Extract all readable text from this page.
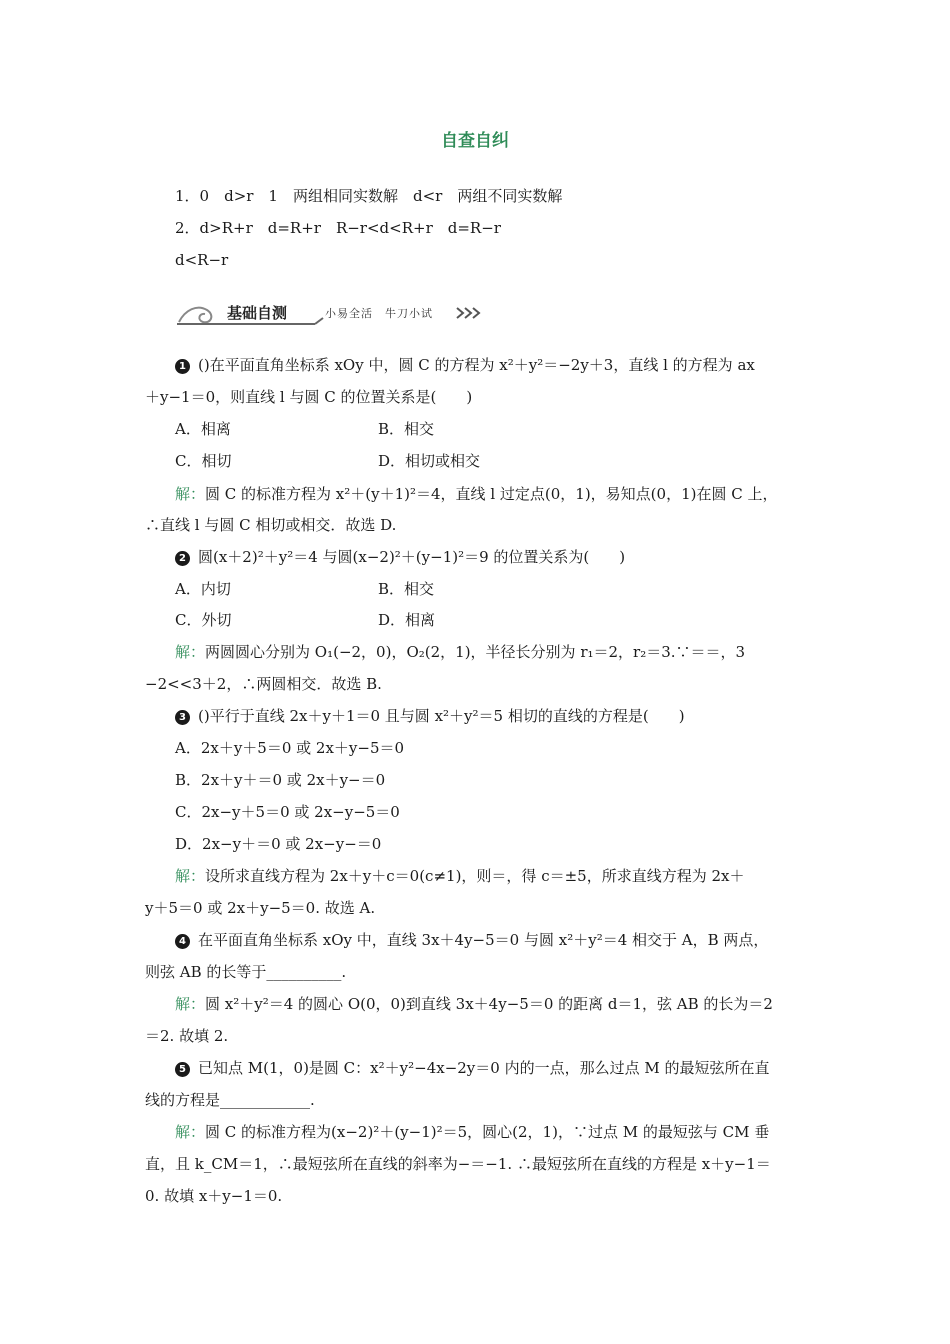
自查自纠
1．0　d>r　1　两组相同实数解　d<r　两组不同实数解
2．d>R+r　d=R+r　R−r<d<R+r　d=R−r
d<R−r
基础自测	小易全活　牛刀小试
1 ()在平面直角坐标系 xOy 中，圆 C 的方程为 x²＋y²＝−2y＋3，直线 l 的方程为 ax
＋y−1＝0，则直线 l 与圆 C 的位置关系是(　　)
A．相离	B．相交
C．相切	D．相切或相交
解：圆 C 的标准方程为 x²＋(y＋1)²＝4，直线 l 过定点(0，1)，易知点(0，1)在圆 C 上，
∴直线 l 与圆 C 相切或相交．故选 D.
2 圆(x＋2)²＋y²＝4 与圆(x−2)²＋(y−1)²＝9 的位置关系为(　　)
A．内切	B．相交
C．外切	D．相离
解：两圆圆心分别为 O₁(−2，0)，O₂(2，1)，半径长分别为 r₁＝2，r₂＝3.∵＝＝，3
−2<<3＋2，∴两圆相交．故选 B.
3 ()平行于直线 2x＋y＋1＝0 且与圆 x²＋y²＝5 相切的直线的方程是(　　)
A．2x＋y＋5＝0 或 2x＋y−5＝0
B．2x＋y＋＝0 或 2x＋y−＝0
C．2x−y＋5＝0 或 2x−y−5＝0
D．2x−y＋＝0 或 2x−y−＝0
解：设所求直线方程为 2x＋y＋c＝0(c≠1)，则＝，得 c＝±5，所求直线方程为 2x＋
y＋5＝0 或 2x＋y−5＝0. 故选 A.
4 在平面直角坐标系 xOy 中，直线 3x＋4y−5＝0 与圆 x²＋y²＝4 相交于 A，B 两点，
则弦 AB 的长等于__________.
解：圆 x²＋y²＝4 的圆心 O(0，0)到直线 3x＋4y−5＝0 的距离 d＝1，弦 AB 的长为＝2
＝2. 故填 2.
5 已知点 M(1，0)是圆 C：x²＋y²−4x−2y＝0 内的一点，那么过点 M 的最短弦所在直
线的方程是____________.
解：圆 C 的标准方程为(x−2)²＋(y−1)²＝5，圆心(2，1)，∵过点 M 的最短弦与 CM 垂
直，且 k_CM＝1，∴最短弦所在直线的斜率为−＝−1. ∴最短弦所在直线的方程是 x＋y−1＝
0. 故填 x＋y−1＝0.
